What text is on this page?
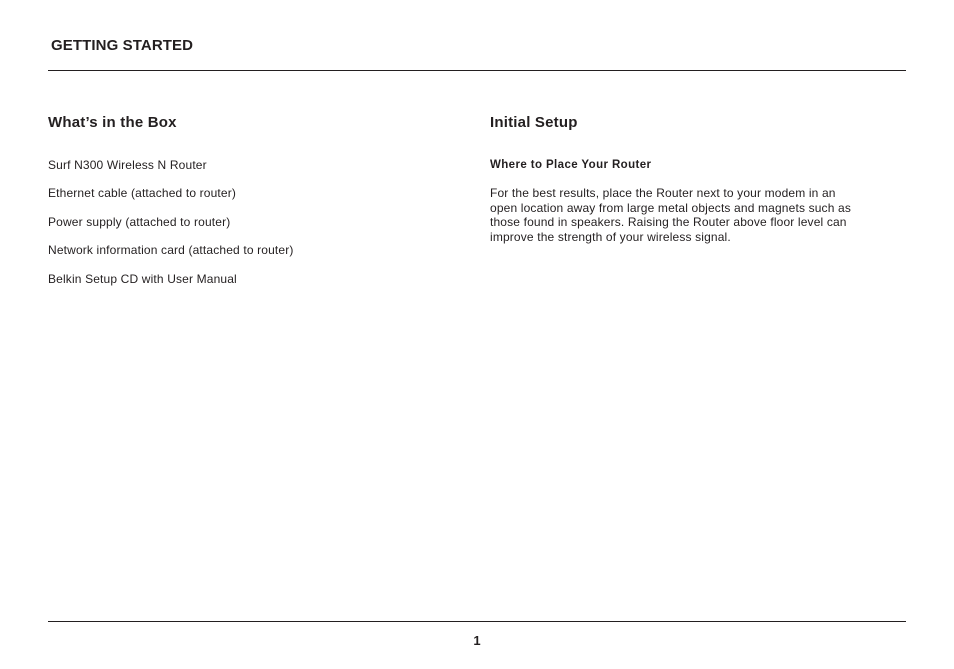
GETTING STARTED
What’s in the Box
Surf N300 Wireless N Router
Ethernet cable (attached to router)
Power supply (attached to router)
Network information card (attached to router)
Belkin Setup CD with User Manual
Initial Setup
Where to Place Your Router

For the best results, place the Router next to your modem in an open location away from large metal objects and magnets such as those found in speakers. Raising the Router above floor level can improve the strength of your wireless signal.

1
